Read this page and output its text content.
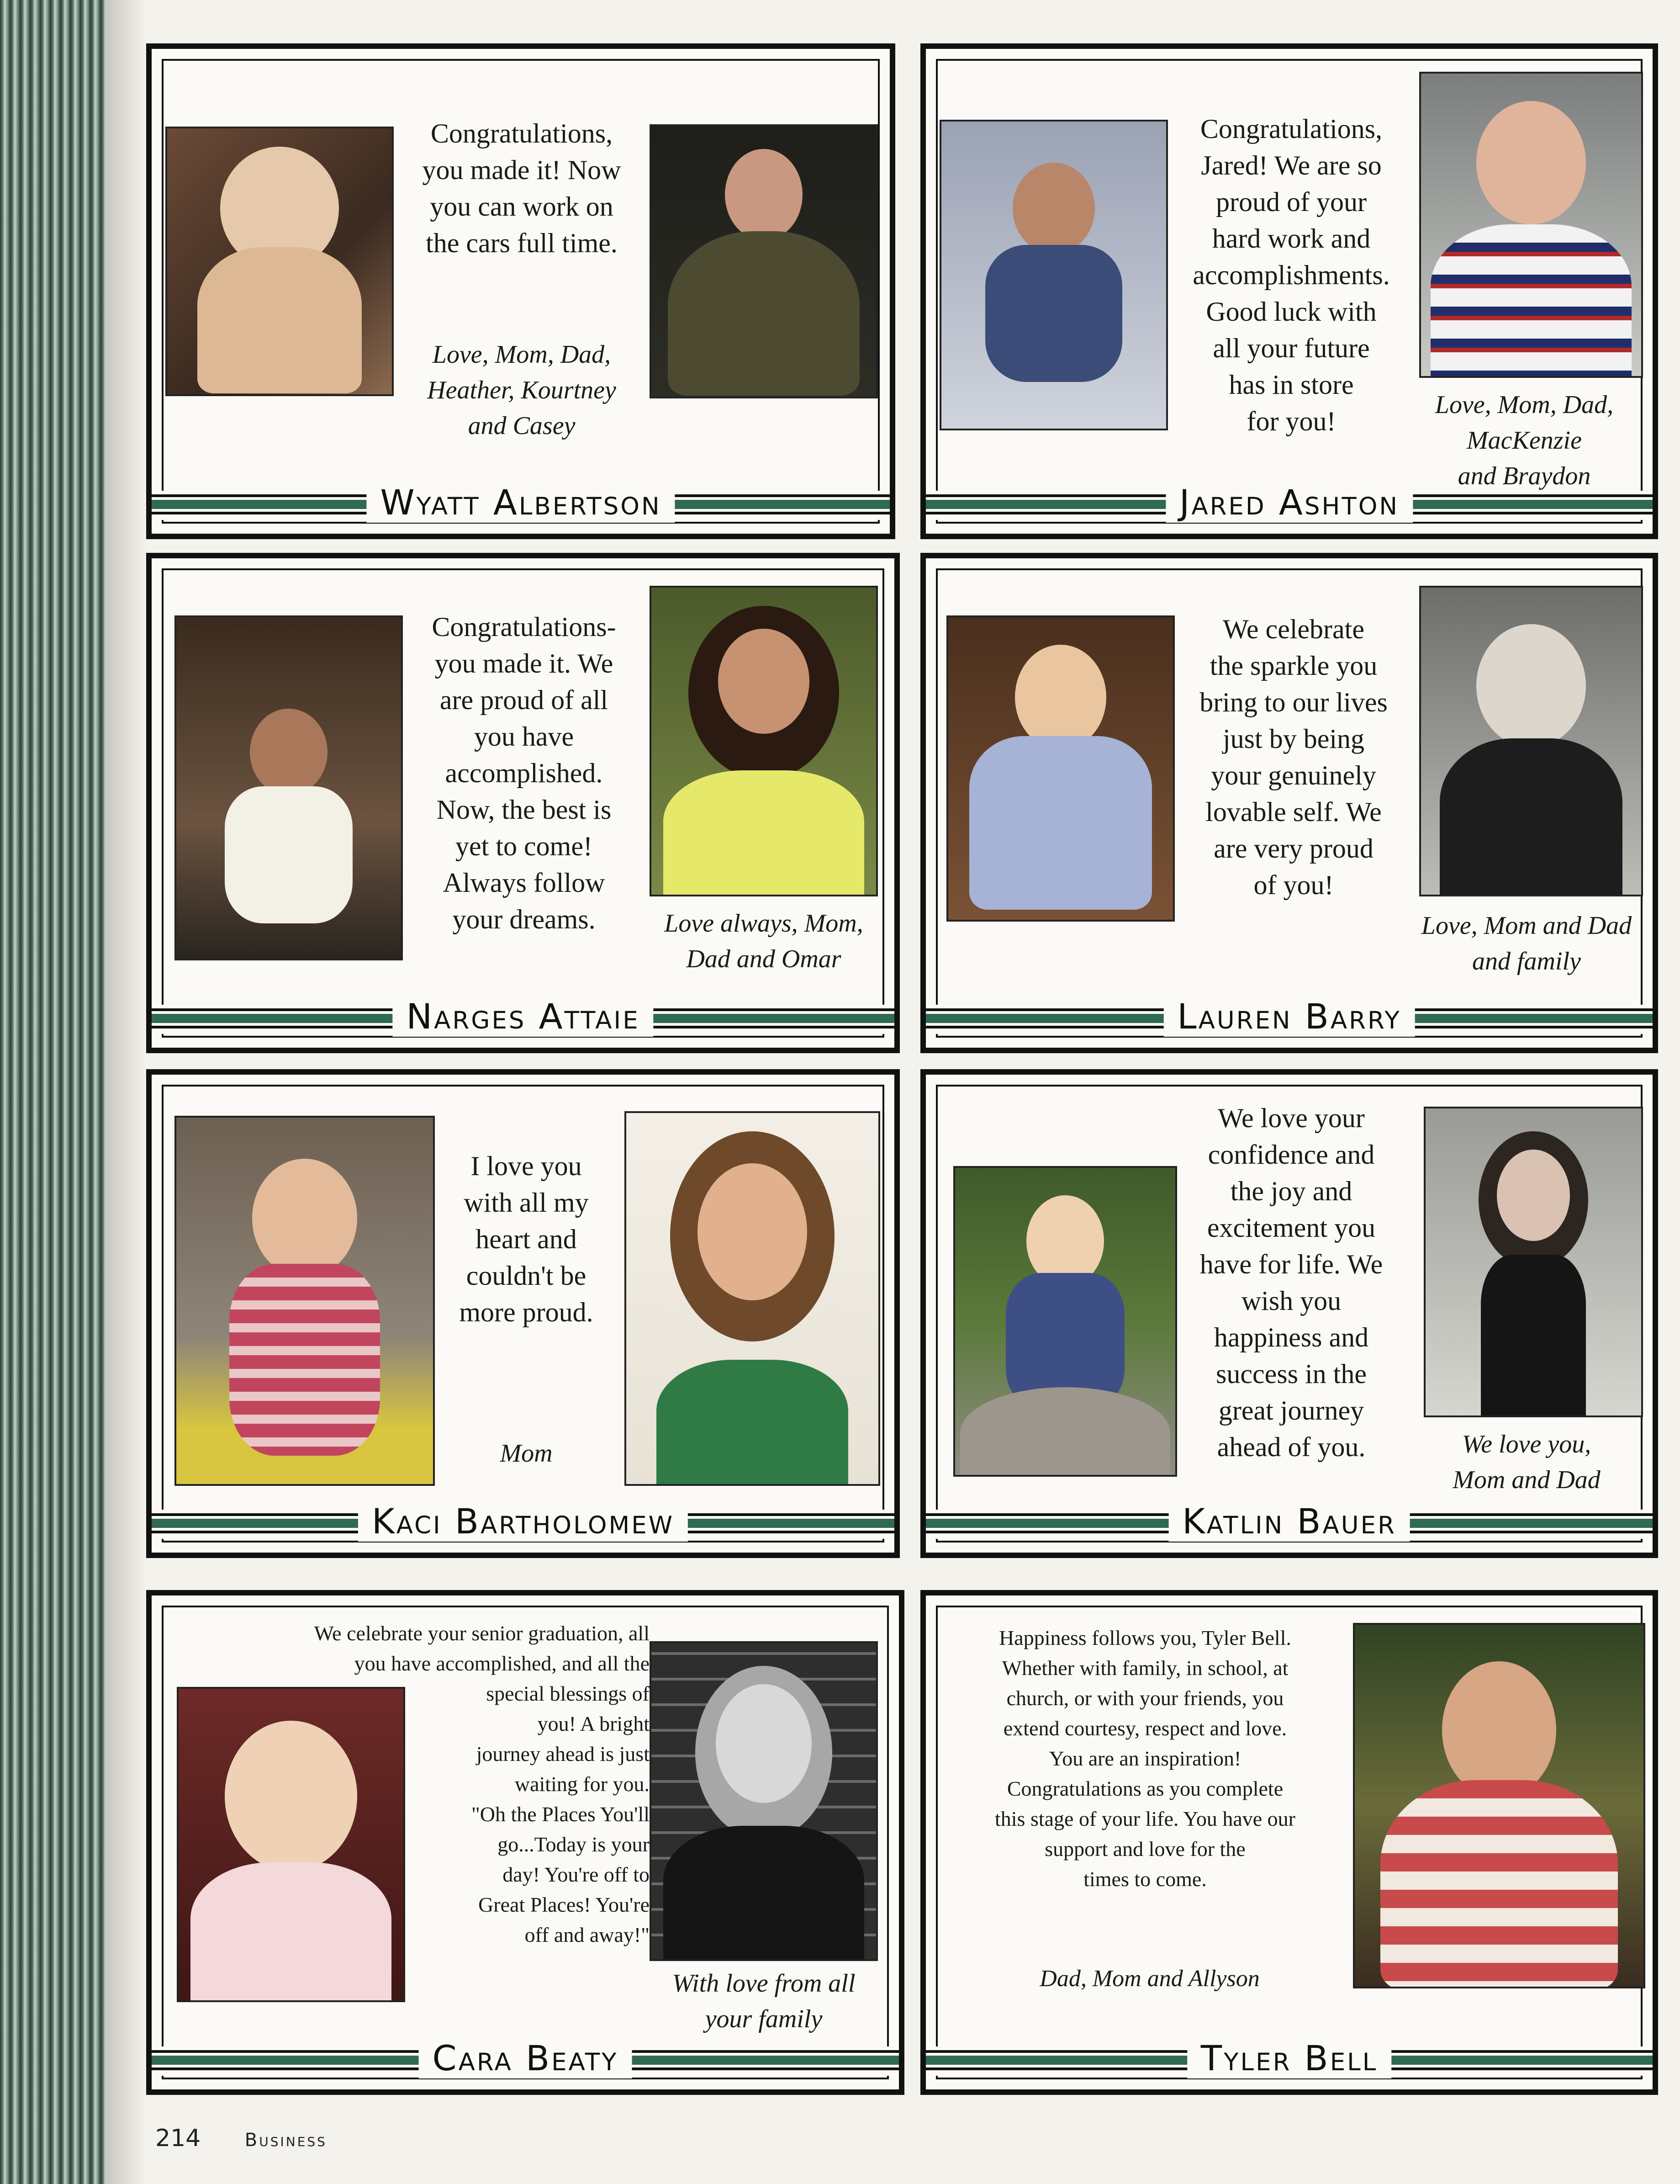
Congratulations,
you made it! Now
you can work on
the cars full time.
Love, Mom, Dad,
Heather, Kourtney
and Casey
Wyatt Albertson
Congratulations,
Jared! We are so
proud of your
hard work and
accomplishments.
Good luck with
all your future
has in store
for you!
Love, Mom, Dad,
MacKenzie
and Braydon
Jared Ashton
Congratulations-
you made it. We
are proud of all
you have
accomplished.
Now, the best is
yet to come!
Always follow
your dreams.	Love always, Mom,
Dad and Omar
Narges Attaie
We celebrate
the sparkle you
bring to our lives
just by being
your genuinely
lovable self. We
are very proud
of you!
Love, Mom and Dad
and family
Lauren Barry
I love you
with all my
heart and
couldn't be
more proud.
Mom
Kaci Bartholomew
We love your
confidence and
the joy and
excitement you
have for life. We
wish you
happiness and
success in the
great journey
ahead of you.	We love you,
Mom and Dad
Katlin Bauer
We celebrate your senior graduation, all
you have accomplished, and all the
special blessings of
you! A bright
journey ahead is just
waiting for you.
"Oh the Places You'll
go...Today is your
day! You're off to
Great Places! You're
off and away!"
With love from all
your family
Cara Beaty
Happiness follows you, Tyler Bell.
Whether with family, in school, at
church, or with your friends, you
extend courtesy, respect and love.
You are an inspiration!
Congratulations as you complete
this stage of your life. You have our
support and love for the
times to come.
Dad, Mom and Allyson
Tyler Bell
214 Business
